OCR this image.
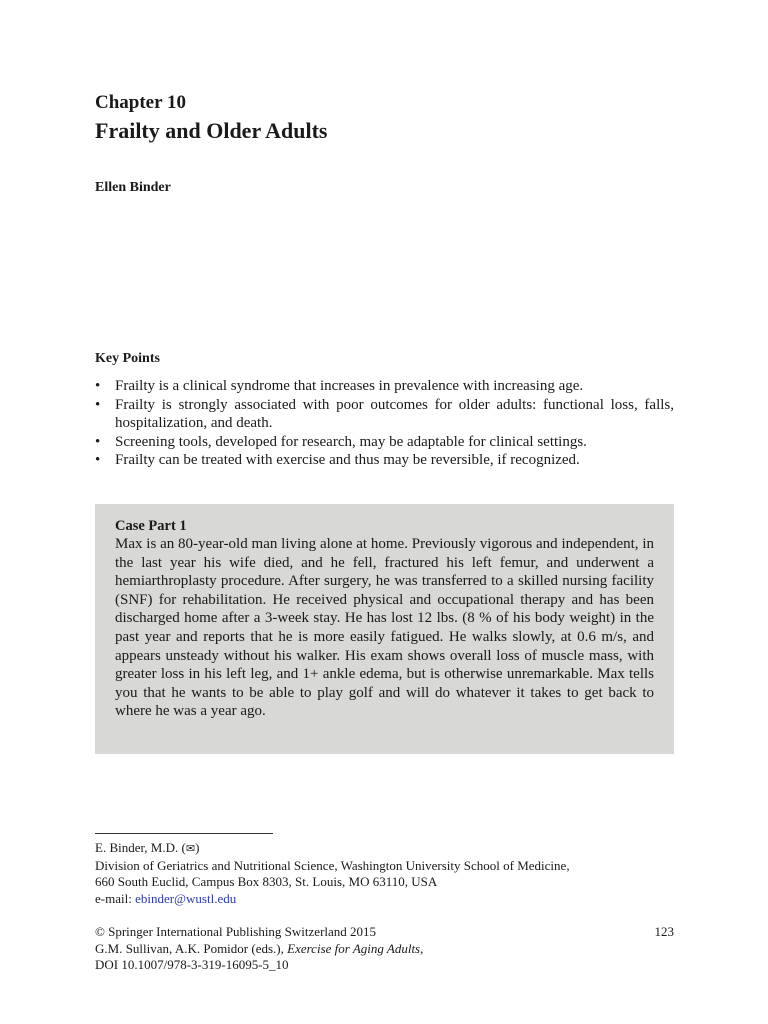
Chapter 10
Frailty and Older Adults

Ellen Binder

Key Points
• Frailty is a clinical syndrome that increases in prevalence with increasing age.
• Frailty is strongly associated with poor outcomes for older adults: functional loss, falls, hospitalization, and death.
• Screening tools, developed for research, may be adaptable for clinical settings.
• Frailty can be treated with exercise and thus may be reversible, if recognized.

Case Part 1

Max is an 80-year-old man living alone at home. Previously vigorous and independent, in the last year his wife died, and he fell, fractured his left femur, and underwent a hemiarthroplasty procedure. After surgery, he was transferred to a skilled nursing facility (SNF) for rehabilitation. He received physical and occupational therapy and has been discharged home after a 3-week stay. He has lost 12 lbs. (8 % of his body weight) in the past year and reports that he is more easily fatigued. He walks slowly, at 0.6 m/s, and appears unsteady without his walker. His exam shows overall loss of muscle mass, with greater loss in his left leg, and 1+ ankle edema, but is otherwise unremarkable. Max tells you that he wants to be able to play golf and will do whatever it takes to get back to where he was a year ago.

E. Binder, M.D. (✉)
Division of Geriatrics and Nutritional Science, Washington University School of Medicine,
660 South Euclid, Campus Box 8303, St. Louis, MO 63110, USA
e-mail: ebinder@wustl.edu
© Springer International Publishing Switzerland 2015	123
G.M. Sullivan, A.K. Pomidor (eds.), Exercise for Aging Adults,
DOI 10.1007/978-3-319-16095-5_10
